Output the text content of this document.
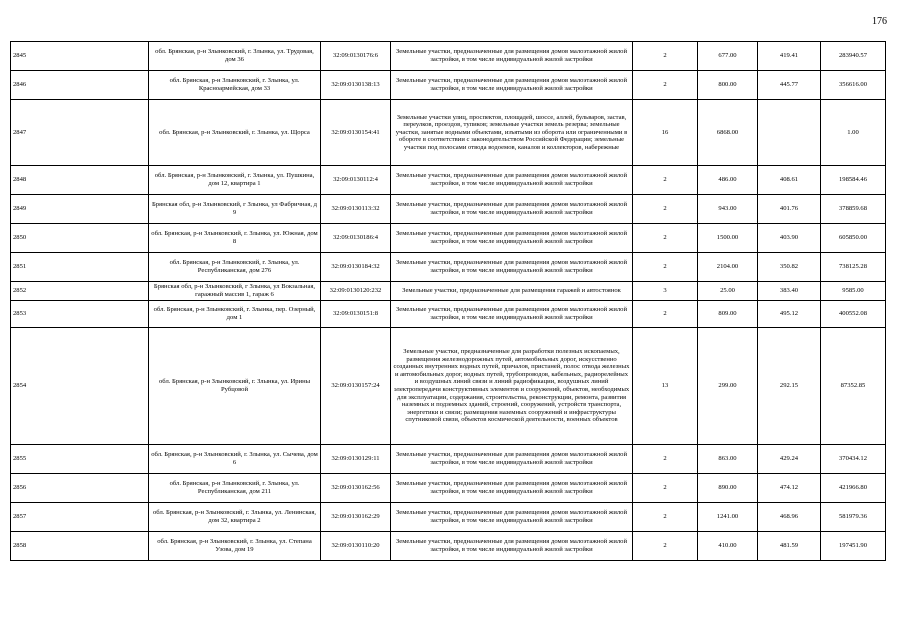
176
2845	обл. Брянская, р-н Злынковский, г. Злынка, ул. Трудовая, дом 36	32:09:0130176:6	Земельные участки, предназначенные для размещения домов малоэтажной жилой застройки, в том числе индивидуальной жилой застройки	2	677.00	419.41	283940.57
2846	обл. Брянская, р-н Злынковский, г. Злынка, ул. Красноармейская, дом 33	32:09:0130138:13	Земельные участки, предназначенные для размещения домов малоэтажной жилой застройки, в том числе индивидуальной жилой застройки	2	800.00	445.77	356616.00
2847	обл. Брянская, р-н Злынковский, г. Злынка, ул. Щорса	32:09:0130154:41	Земельные участки улиц, проспектов, площадей, шоссе, аллей, бульваров, застав, переулков, проездов, тупиков; земельные участки земель резерва; земельные участки, занятые водными объектами, изъятыми из оборота или ограниченными в обороте в соответствии с законодательством Российской Федерации; земельные участки под полосами отвода водоемов, каналов и коллекторов, набережные	16	6868.00		1.00
2848	обл. Брянская, р-н Злынковский, г. Злынка, ул. Пушкина, дом 12, квартира 1	32:09:0130112:4	Земельные участки, предназначенные для размещения домов малоэтажной жилой застройки, в том числе индивидуальной жилой застройки	2	486.00	408.61	198584.46
2849	Брянская обл, р-н Злынковский, г Злынка, ул Фабричная, д 9	32:09:0130113:32	Земельные участки, предназначенные для размещения домов малоэтажной жилой застройки, в том числе индивидуальной жилой застройки	2	943.00	401.76	378859.68
2850	обл. Брянская, р-н Злынковский, г. Злынка, ул. Южная, дом 8	32:09:0130186:4	Земельные участки, предназначенные для размещения домов малоэтажной жилой застройки, в том числе индивидуальной жилой застройки	2	1500.00	403.90	605850.00
2851	обл. Брянская, р-н Злынковский, г. Злынка, ул. Республиканская, дом 276	32:09:0130184:32	Земельные участки, предназначенные для размещения домов малоэтажной жилой застройки, в том числе индивидуальной жилой застройки	2	2104.00	350.82	738125.28
2852	Брянская обл, р-н Злынковский, г Злынка, ул Вокзальная, гаражный массив 1, гараж 6	32:09:0130120:232	Земельные участки, предназначенные для размещения гаражей и автостоянок	3	25.00	383.40	9585.00
2853	обл. Брянская, р-н Злынковский, г. Злынка, пер. Озерный, дом 1	32:09:0130151:8	Земельные участки, предназначенные для размещения домов малоэтажной жилой застройки, в том числе индивидуальной жилой застройки	2	809.00	495.12	400552.08
2854	обл. Брянская, р-н Злынковский, г. Злынка, ул. Ирины Рубцовой	32:09:0130157:24	Земельные участки, предназначенные для разработки полезных ископаемых, размещения железнодорожных путей, автомобильных дорог, искусственно созданных внутренних водных путей, причалов, пристаней, полос отвода железных и автомобильных дорог, водных путей, трубопроводов, кабельных, радиорелейных и воздушных линий связи и линий радиофикации, воздушных линий электропередачи конструктивных элементов и сооружений, объектов, необходимых для эксплуатации, содержания, строительства, реконструкции, ремонта, развития наземных и подземных зданий, строений, сооружений, устройств транспорта, энергетики и связи; размещения наземных сооружений и инфраструктуры спутниковой связи, объектов космической деятельности, военных объектов	13	299.00	292.15	87352.85
2855	обл. Брянская, р-н Злынковский, г. Злынка, ул. Сычева, дом 6	32:09:0130129:11	Земельные участки, предназначенные для размещения домов малоэтажной жилой застройки, в том числе индивидуальной жилой застройки	2	863.00	429.24	370434.12
2856	обл. Брянская, р-н Злынковский, г. Злынка, ул. Республиканская, дом 211	32:09:0130162:56	Земельные участки, предназначенные для размещения домов малоэтажной жилой застройки, в том числе индивидуальной жилой застройки	2	890.00	474.12	421966.80
2857	обл. Брянская, р-н Злынковский, г. Злынка, ул. Ленинская, дом 32, квартира 2	32:09:0130162:29	Земельные участки, предназначенные для размещения домов малоэтажной жилой застройки, в том числе индивидуальной жилой застройки	2	1241.00	468.96	581979.36
2858	обл. Брянская, р-н Злынковский, г. Злынка, ул. Степана Узова, дом 19	32:09:0130110:20	Земельные участки, предназначенные для размещения домов малоэтажной жилой застройки, в том числе индивидуальной жилой застройки	2	410.00	481.59	197451.90
